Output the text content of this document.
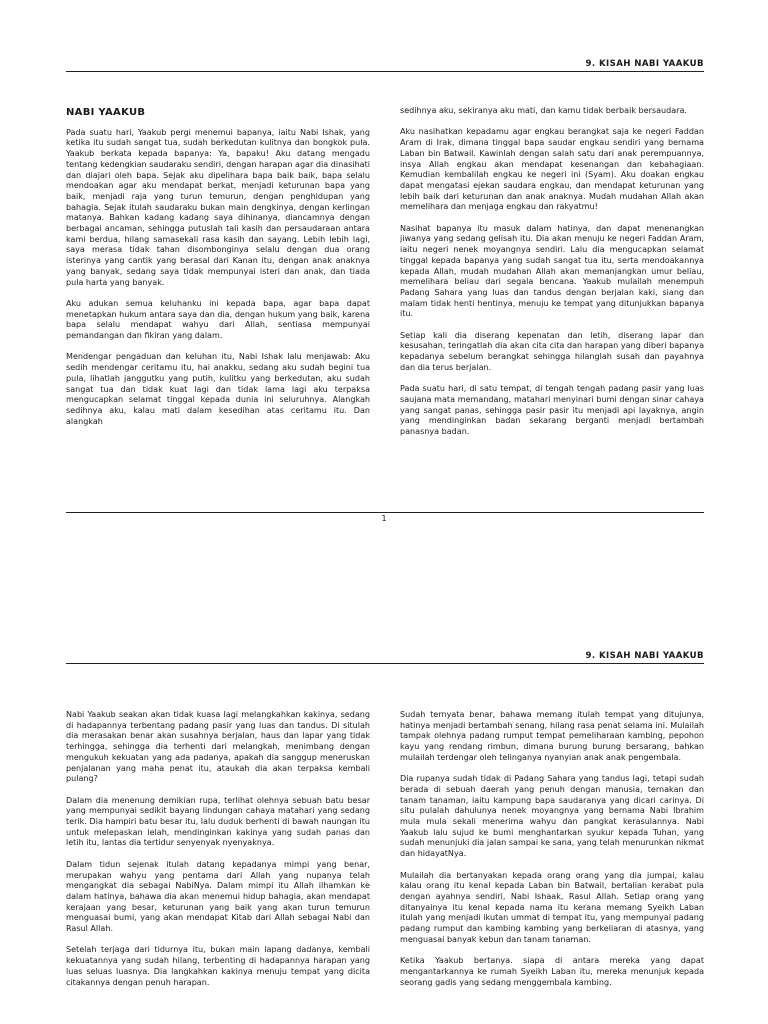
9. KISAH NABI YAAKUB
NABI YAAKUB

Pada suatu hari, Yaakub pergi menemui bapanya, iaitu Nabi Ishak, yang ketika itu sudah sangat tua, sudah berkedutan kulitnya dan bongkok pula. Yaakub berkata kepada bapanya: Ya, bapaku! Aku datang mengadu tentang kedengkian saudaraku sendiri, dengan harapan agar dia dinasihati dan diajari oleh bapa. Sejak aku dipelihara bapa baik baik, bapa selalu mendoakan agar aku mendapat berkat, menjadi keturunan bapa yang baik, menjadi raja yang turun temurun, dengan penghidupan yang bahagia. Sejak itulah saudaraku bukan main dengkinya, dengan kerlingan matanya. Bahkan kadang kadang saya dihinanya, diancamnya dengan berbagai ancaman, sehingga putuslah tali kasih dan persaudaraan antara kami berdua, hilang samasekali rasa kasih dan sayang. Lebih lebih lagi, saya merasa tidak tahan disombonginya selalu dengan dua orang isterinya yang cantik yang berasal dari Kanan itu, dengan anak anaknya yang banyak, sedang saya tidak mempunyai isteri dan anak, dan tiada pula harta yang banyak.

Aku adukan semua keluhanku ini kepada bapa, agar bapa dapat menetapkan hukum antara saya dan dia, dengan hukum yang baik, karena bapa selalu mendapat wahyu dari Allah, sentiasa mempunyai pemandangan dan fikiran yang dalam.

Mendengar pengaduan dan keluhan itu, Nabi Ishak lalu menjawab: Aku sedih mendengar ceritamu itu, hai anakku, sedang aku sudah begini tua pula, lihatlah janggutku yang putih, kulitku yang berkedutan, aku sudah sangat tua dan tidak kuat lagi dan tidak lama lagi aku terpaksa mengucapkan selamat tinggal kepada dunia ini seluruhnya. Alangkah sedihnya aku, kalau mati dalam kesedihan atas ceritamu itu. Dan alangkah

sedihnya aku, sekiranya aku mati, dan kamu tidak berbaik bersaudara.

Aku nasihatkan kepadamu agar engkau berangkat saja ke negeri Faddan Aram di Irak, dimana tinggal bapa saudar engkau sendiri yang bernama Laban bin Batwail. Kawinlah dengan salah satu dari anak perempuannya, insya Allah engkau akan mendapat kesenangan dan kebahagiaan. Kemudian kembalilah engkau ke negeri ini (Syam). Aku doakan engkau dapat mengatasi ejekan saudara engkau, dan mendapat keturunan yang lebih baik dari keturunan dan anak anaknya. Mudah mudahan Allah akan memelihara dan menjaga engkau dan rakyatmu!

Nasihat bapanya itu masuk dalam hatinya, dan dapat menenangkan jiwanya yang sedang gelisah itu. Dia akan menuju ke negeri Faddan Aram, iaitu negeri nenek moyangnya sendiri. Lalu dia mengucapkan selamat tinggal kepada bapanya yang sudah sangat tua itu, serta mendoakannya kepada Allah, mudah mudahan Allah akan memanjangkan umur beliau, memelihara beliau dari segala bencana. Yaakub mulailah menempuh Padang Sahara yang luas dan tandus dengan berjalan kaki, siang dan malam tidak henti hentinya, menuju ke tempat yang ditunjukkan bapanya itu.

Setiap kali dia diserang kepenatan dan letih, diserang lapar dan kesusahan, teringatlah dia akan cita cita dan harapan yang diberi bapanya kepadanya sebelum berangkat sehingga hilanglah susah dan payahnya dan dia terus berjalan.

Pada suatu hari, di satu tempat, di tengah tengah padang pasir yang luas saujana mata memandang, matahari menyinari bumi dengan sinar cahaya yang sangat panas, sehingga pasir pasir itu menjadi api layaknya, angin yang mendinginkan badan sekarang berganti menjadi bertambah panasnya badan.

1
9. KISAH NABI YAAKUB

Nabi Yaakub seakan akan tidak kuasa lagi melangkahkan kakinya, sedang di hadapannya terbentang padang pasir yang luas dan tandus. Di situlah dia merasakan benar akan susahnya berjalan, haus dan lapar yang tidak terhingga, sehingga dia terhenti dari melangkah, menimbang dengan mengukuh kekuatan yang ada padanya, apakah dia sanggup meneruskan penjalanan yang maha penat itu, ataukah dia akan terpaksa kembali pulang?

Dalam dia menenung demikian rupa, terlihat olehnya sebuah batu besar yang mempunyai sedikit bayang lindungan cahaya matahari yang sedang terik. Dia hampiri batu besar itu, lalu duduk berhenti di bawah naungan itu untuk melepaskan lelah, mendinginkan kakinya yang sudah panas dan letih itu, lantas dia tertidur senyenyak nyenyaknya.

Dalam tidun sejenak itulah datang kepadanya mimpi yang benar, merupakan wahyu yang pentama dari Allah yang nupanya telah mengangkat dia sebagai NabiNya. Dalam mimpi itu Allah ilhamkan ke dalam hatinya, bahawa dia akan menemui hidup bahagia, akan mendapat kerajaan yang besar, keturunan yang baik yang akan turun temurun menguasai bumi, yang akan mendapat Kitab dari Allah sebagai Nabi dan Rasul Allah.

Setelah terjaga dari tidurnya itu, bukan main lapang dadanya, kembali kekuatannya yang sudah hilang, terbenting di hadapannya harapan yang luas seluas luasnya. Dia langkahkan kakinya menuju tempat yang dicita citakannya dengan penuh harapan.

Sudah ternyata benar, bahawa memang itulah tempat yang ditujunya, hatinya menjadi bertambah senang, hilang rasa penat selama ini. Mulailah tampak olehnya padang rumput tempat pemeliharaan kambing, pepohon kayu yang rendang rimbun, dimana burung burung bersarang, bahkan mulailah terdengar oleh telinganya nyanyian anak anak pengembala.

Dia rupanya sudah tidak di Padang Sahara yang tandus lagi, tetapi sudah berada di sebuah daerah yang penuh dengan manusia, ternakan dan tanam tanaman, iaitu kampung bapa saudaranya yang dicari carinya. Di situ pulalah dahulunya nenek moyangnya yang bernama Nabi Ibrahim mula mula sekali menerima wahyu dan pangkat kerasulannya. Nabi Yaakub lalu sujud ke bumi menghantarkan syukur kepada Tuhan, yang sudah menunjuki dia jalan sampai ke sana, yang telah menurunkan nikmat dan hidayatNya.

Mulailah dia bertanyakan kepada orang orang yang dia jumpai, kalau kalau orang itu kenal kepada Laban bin Batwail, bertalian kerabat pula dengan ayahnya sendiri, Nabi Ishaak, Rasul Allah. Setiap orang yang ditanyainya itu kenal kepada nama itu kerana memang Syeikh Laban itulah yang menjadi ikutan ummat di tempat itu, yang mempunyai padang padang rumput dan kambing kambing yang berkeliaran di atasnya, yang menguasai banyak kebun dan tanam tanaman.

Ketika Yaakub bertanya. siapa di antara mereka yang dapat mengantarkannya ke rumah Syeikh Laban itu, mereka menunjuk kepada seorang gadis yang sedang menggembala kambing.
